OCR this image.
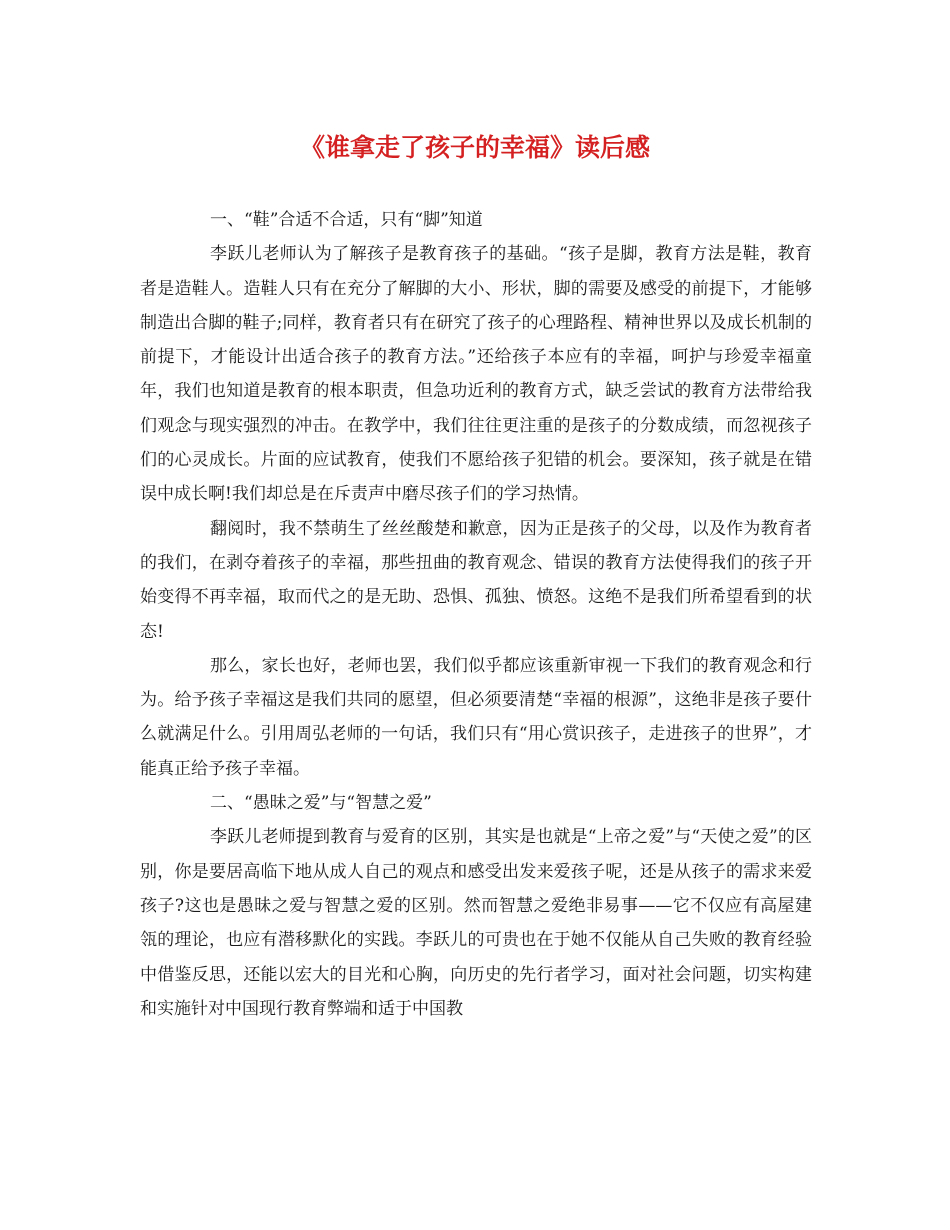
《谁拿走了孩子的幸福》读后感

一、“鞋”合适不合适，只有“脚”知道

李跃儿老师认为了解孩子是教育孩子的基础。“孩子是脚，教育方法是鞋，教育者是造鞋人。造鞋人只有在充分了解脚的大小、形状，脚的需要及感受的前提下，才能够制造出合脚的鞋子;同样，教育者只有在研究了孩子的心理路程、精神世界以及成长机制的前提下，才能设计出适合孩子的教育方法。”还给孩子本应有的幸福，呵护与珍爱幸福童年，我们也知道是教育的根本职责，但急功近利的教育方式，缺乏尝试的教育方法带给我们观念与现实强烈的冲击。在教学中，我们往往更注重的是孩子的分数成绩，而忽视孩子们的心灵成长。片面的应试教育，使我们不愿给孩子犯错的机会。要深知，孩子就是在错误中成长啊!我们却总是在斥责声中磨尽孩子们的学习热情。

翻阅时，我不禁萌生了丝丝酸楚和歉意，因为正是孩子的父母，以及作为教育者的我们，在剥夺着孩子的幸福，那些扭曲的教育观念、错误的教育方法使得我们的孩子开始变得不再幸福，取而代之的是无助、恐惧、孤独、愤怒。这绝不是我们所希望看到的状态!

那么，家长也好，老师也罢，我们似乎都应该重新审视一下我们的教育观念和行为。给予孩子幸福这是我们共同的愿望，但必须要清楚“幸福的根源”，这绝非是孩子要什么就满足什么。引用周弘老师的一句话，我们只有“用心赏识孩子，走进孩子的世界”，才能真正给予孩子幸福。

二、“愚昧之爱”与“智慧之爱”

李跃儿老师提到教育与爱育的区别，其实是也就是“上帝之爱”与“天使之爱”的区别，你是要居高临下地从成人自己的观点和感受出发来爱孩子呢，还是从孩子的需求来爱孩子?这也是愚昧之爱与智慧之爱的区别。然而智慧之爱绝非易事——它不仅应有高屋建瓴的理论，也应有潜移默化的实践。李跃儿的可贵也在于她不仅能从自己失败的教育经验中借鉴反思，还能以宏大的目光和心胸，向历史的先行者学习，面对社会问题，切实构建和实施针对中国现行教育弊端和适于中国教
